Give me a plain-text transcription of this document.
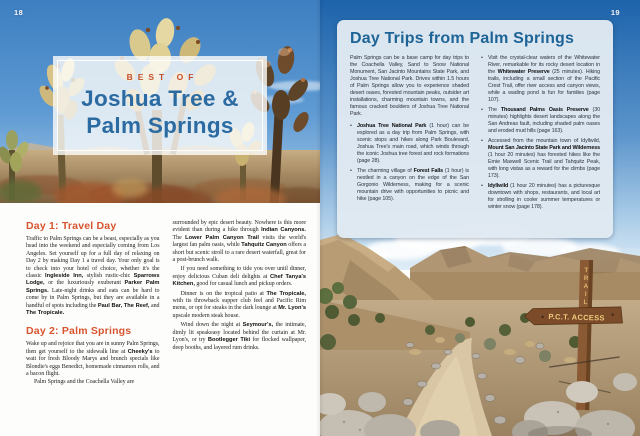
BEST OF
Joshua Tree &
Palm Springs
18
Day 1: Travel Day

Traffic to Palm Springs can be a beast, especially as you head into the weekend and especially coming from Los Angeles. Set yourself up for a full day of relaxing on Day 2 by making Day 1 a travel day. Your only goal is to check into your hotel of choice, whether it's the classic Ingleside Inn, stylish rustic-chic Sparrows Lodge, or the luxuriously exuberant Parker Palm Springs. Late-night drinks and eats can be hard to come by in Palm Springs, but they are available in a handful of spots including the Paul Bar, The Reef, and The Tropicale.

Day 2: Palm Springs

Wake up and rejoice that you are in sunny Palm Springs, then get yourself to the sidewalk line at Cheeky's to wait for fresh Bloody Marys and brunch specials like Blondie's eggs Benedict, homemade cinnamon rolls, and a bacon flight.

Palm Springs and the Coachella Valley are

surrounded by epic desert beauty. Nowhere is this more evident than during a hike through Indian Canyons. The Lower Palm Canyon Trail visits the world's largest fan palm oasis, while Tahquitz Canyon offers a short but scenic stroll to a rare desert waterfall, great for a post-brunch walk.

If you need something to tide you over until dinner, enjoy delicious Cuban deli delights at Chef Tanya's Kitchen, good for casual lunch and pickup orders.

Dinner is on the tropical patio at The Tropicale, with its throwback supper club feel and Pacific Rim menu, or opt for steaks in the dark lounge at Mr. Lyon's upscale modern steak house.

Wind down the night at Seymour's, the intimate, dimly lit speakeasy located behind the curtain at Mr. Lyon's, or try Bootlegger Tiki for flocked wallpaper, deep booths, and layered rum drinks.

P.C.T. ACCESS
TRAIL
19
Day Trips from Palm Springs

Palm Springs can be a base camp for day trips to the Coachella Valley, Sand to Snow National Monument, San Jacinto Mountains State Park, and Joshua Tree National Park. Drives within 1.5 hours of Palm Springs allow you to experience shaded desert oases, forested mountain peaks, outsider art installations, charming mountain towns, and the famous cracked boulders of Joshua Tree National Park.

• Joshua Tree National Park (1 hour) can be explored as a day trip from Palm Springs, with scenic stops and hikes along Park Boulevard, Joshua Tree's main road, which winds through the iconic Joshua tree forest and rock formations (page 28).
• The charming village of Forest Falls (1 hour) is nestled in a canyon on the edge of the San Gorgonio Wilderness, making for a scenic mountain drive with opportunities to picnic and hike (page 105).
• Visit the crystal-clear waters of the Whitewater River, remarkable for its rocky desert location in the Whitewater Preserve (25 minutes). Hiking trails, including a small section of the Pacific Crest Trail, offer river access and canyon views, while a wading pond is fun for families (page 107).
• The Thousand Palms Oasis Preserve (30 minutes) highlights desert landscapes along the San Andreas fault, including shaded palm oases and eroded mud hills (page 163).
• Accessed from the mountain town of Idyllwild, Mount San Jacinto State Park and Wilderness (1 hour 20 minutes) has forested hikes like the Ernie Maxwell Scenic Trail and Tahquitz Peak, with long vistas as a reward for the climbs (page 173).
• Idyllwild (1 hour 20 minutes) has a picturesque downtown with shops, restaurants, and local art for strolling in cooler summer temperatures or winter snow (page 178).
